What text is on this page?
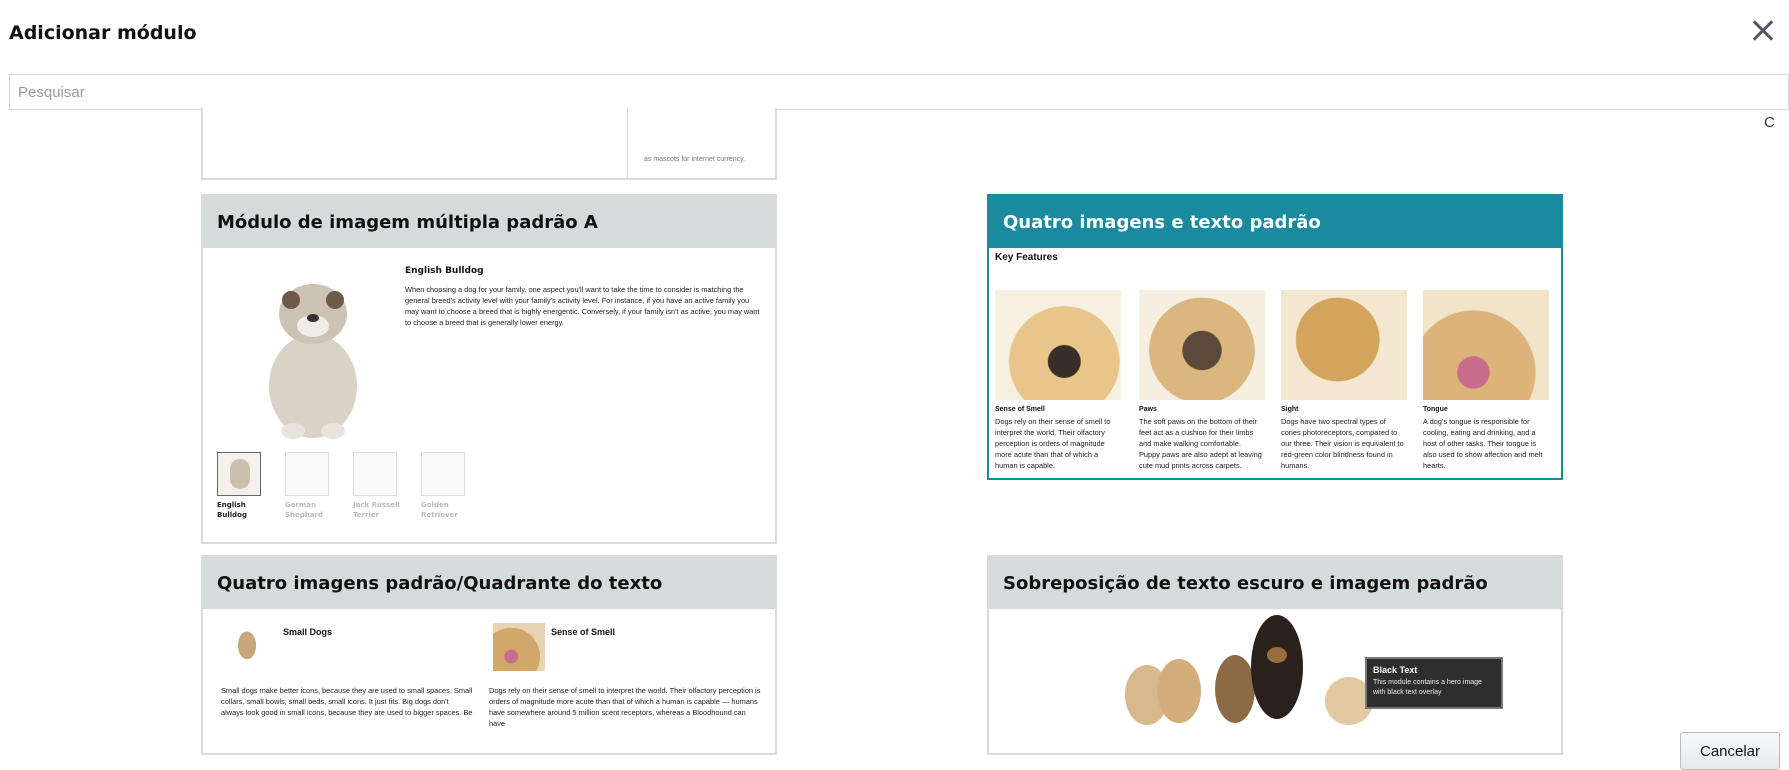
Adicionar módulo
Pesquisar
C
as mascots for internet currency.
Módulo de imagem múltipla padrão A
English Bulldog
When choosing a dog for your family, one aspect you'll want to take the time to consider is matching the general breed's activity level with your family's activity level. For instance, if you have an active family you may want to choose a breed that is highly energentic. Conversely, if your family isn't as active, you may want to choose a breed that is generally lower energy.
English Bulldog
German Shephard
Jack Russell Terrier
Golden Retriever
Quatro imagens e texto padrão
Key Features
Sense of Smell
Dogs rely on their sense of smell to interpret the world. Their olfactory perception is orders of magnitude more acute than that of which a human is capable.
Paws
The soft paws on the bottom of their feet act as a cushion for their limbs and make walking comfortable. Puppy paws are also adept at leaving cute mud prints across carpets.
Sight
Dogs have two spectral types of cones photoreceptors, compared to our three. Their vision is equivalent to red-green color blindness found in humans.
Tongue
A dog's tongue is responsible for cooling, eating and drinking, and a host of other tasks. Their tongue is also used to show affection and melt hearts.
Quatro imagens padrão/Quadrante do texto
Small Dogs
Small dogs make better icons, because they are used to small spaces. Small collars, small bowls, small beds, small icons. It just fits. Big dogs don't always look good in small icons, because they are used to bigger spaces. Be
Sense of Smell
Dogs rely on their sense of smell to interpret the world. Their olfactory perception is orders of magnitude more acute than that of which a human is capable — humans have somewhere around 5 million scent receptors, whereas a Bloodhound can have
Sobreposição de texto escuro e imagem padrão
Black Text
This module contains a hero image with black text overlay
Cancelar
